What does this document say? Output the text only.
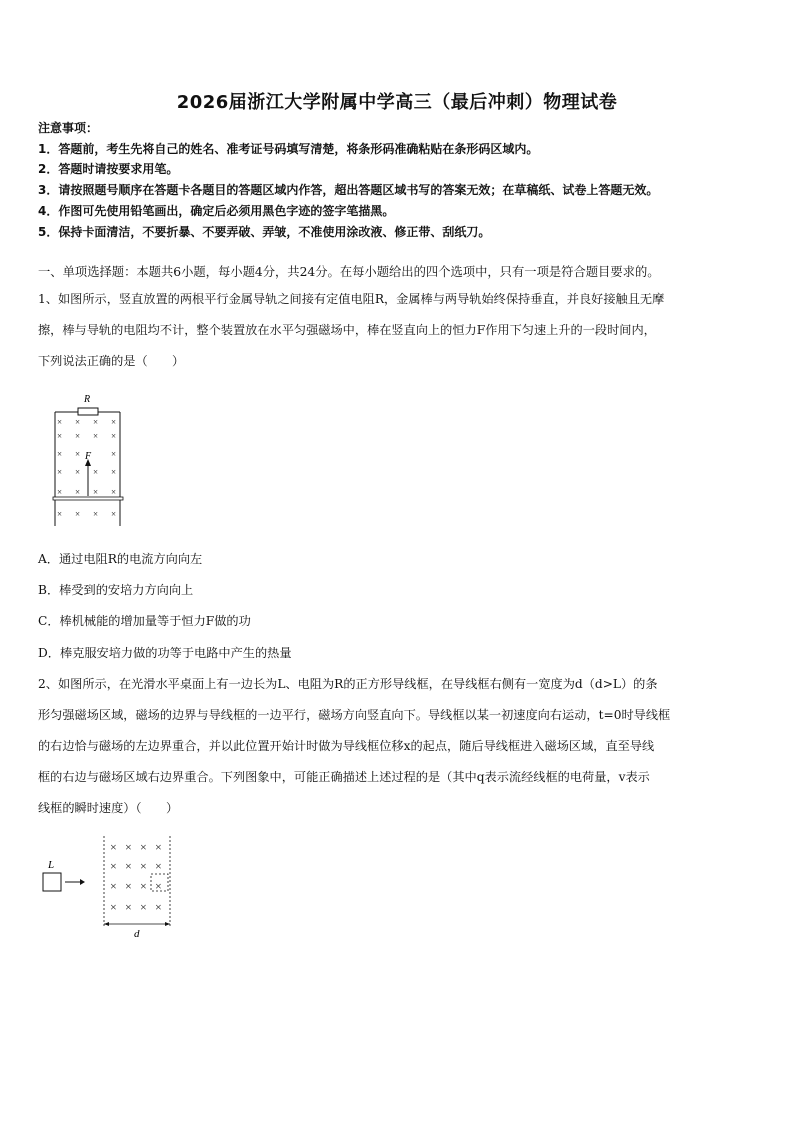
2026届浙江大学附属中学高三（最后冲刺）物理试卷
注意事项：
1．答题前，考生先将自己的姓名、准考证号码填写清楚，将条形码准确粘贴在条形码区域内。
2．答题时请按要求用笔。
3．请按照题号顺序在答题卡各题目的答题区域内作答，超出答题区域书写的答案无效；在草稿纸、试卷上答题无效。
4．作图可先使用铅笔画出，确定后必须用黑色字迹的签字笔描黑。
5．保持卡面清洁，不要折暴、不要弄破、弄皱，不准使用涂改液、修正带、刮纸刀。
一、单项选择题：本题共6小题，每小题4分，共24分。在每小题给出的四个选项中，只有一项是符合题目要求的。
1、如图所示，竖直放置的两根平行金属导轨之间接有定值电阻R，金属棒与两导轨始终保持垂直，并良好接触且无摩
擦，棒与导轨的电阻均不计，整个装置放在水平匀强磁场中，棒在竖直向上的恒力F作用下匀速上升的一段时间内，
下列说法正确的是（　　）
R
F
× × × ×
× × × ×
× ×	×
× × × ×
× × × ×
× × × ×
A．通过电阻R的电流方向向左
B．棒受到的安培力方向向上
C．棒机械能的增加量等于恒力F做的功
D．棒克服安培力做的功等于电路中产生的热量
2、如图所示，在光滑水平桌面上有一边长为L、电阻为R的正方形导线框，在导线框右侧有一宽度为d（d>L）的条
形匀强磁场区域，磁场的边界与导线框的一边平行，磁场方向竖直向下。导线框以某一初速度向右运动，t=0时导线框
的右边恰与磁场的左边界重合，并以此位置开始计时做为导线框位移x的起点，随后导线框进入磁场区域，直至导线
框的右边与磁场区域右边界重合。下列图象中，可能正确描述上述过程的是（其中q表示流经线框的电荷量，v表示
线框的瞬时速度）（　　）
L
× × × ×
× × × ×
× × × ×
× × × ×
d
